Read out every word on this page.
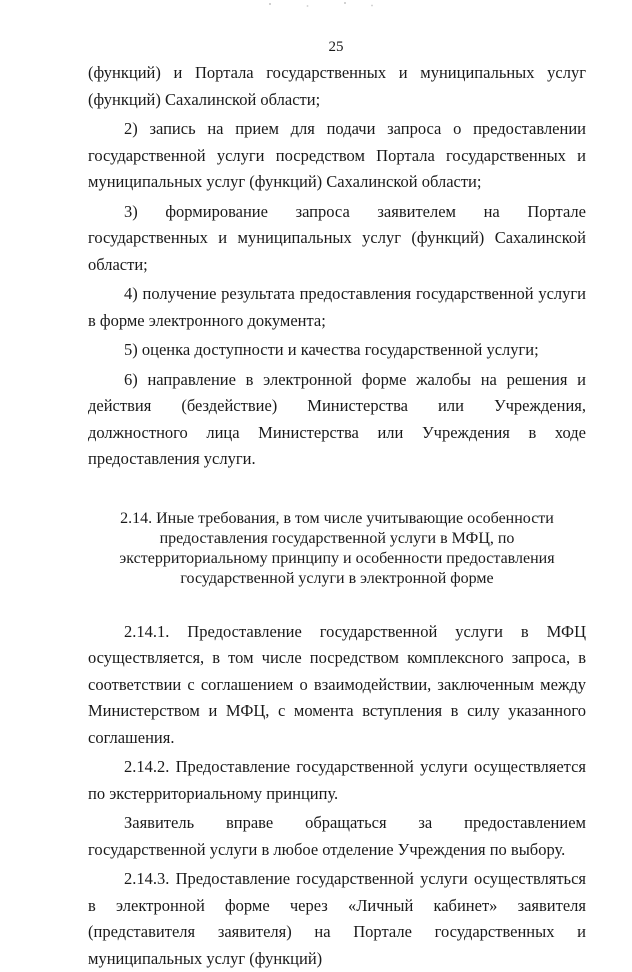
25

(функций) и Портала государственных и муниципальных услуг (функций) Сахалинской области;

2) запись на прием для подачи запроса о предоставлении государственной услуги посредством Портала государственных и муниципальных услуг (функций) Сахалинской области;

3) формирование запроса заявителем на Портале государственных и муниципальных услуг (функций) Сахалинской области;

4) получение результата предоставления государственной услуги в форме электронного документа;

5) оценка доступности и качества государственной услуги;

6) направление в электронной форме жалобы на решения и действия (бездействие) Министерства или Учреждения, должностного лица Министерства или Учреждения в ходе предоставления услуги.

2.14. Иные требования, в том числе учитывающие особенности предоставления государственной услуги в МФЦ, по экстерриториальному принципу и особенности предоставления государственной услуги в электронной форме

2.14.1. Предоставление государственной услуги в МФЦ осуществляется, в том числе посредством комплексного запроса, в соответствии с соглашением о взаимодействии, заключенным между Министерством и МФЦ, с момента вступления в силу указанного соглашения.

2.14.2. Предоставление государственной услуги осуществляется по экстерриториальному принципу.

Заявитель вправе обращаться за предоставлением государственной услуги в любое отделение Учреждения по выбору.

2.14.3. Предоставление государственной услуги осуществляться в электронной форме через «Личный кабинет» заявителя (представителя заявителя) на Портале государственных и муниципальных услуг (функций)
